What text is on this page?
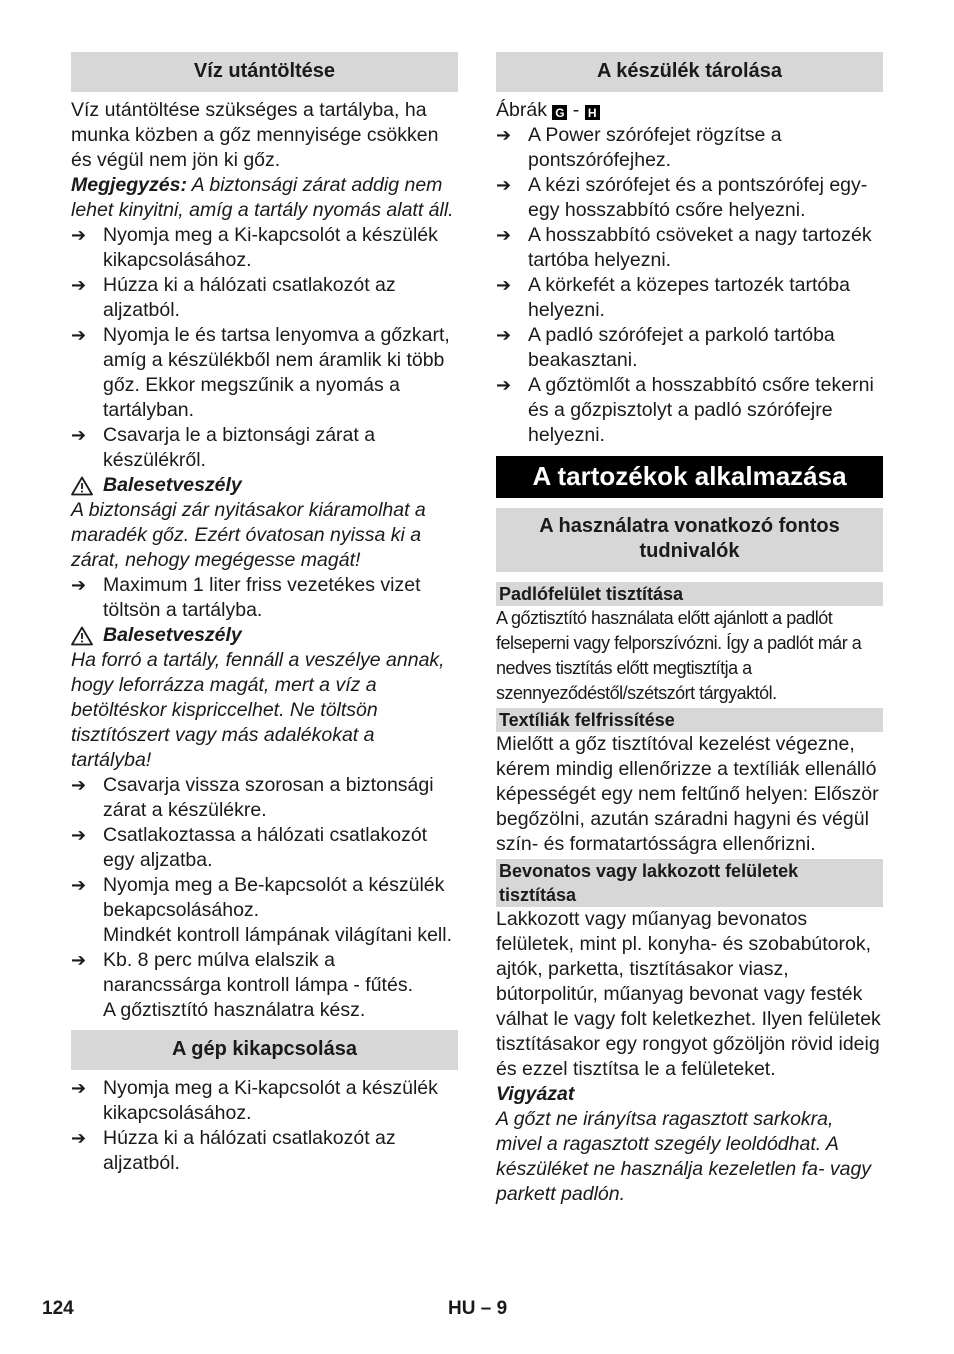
Víz utántöltése

Víz utántöltése szükséges a tartályba, ha munka közben a gőz mennyisége csökken és végül nem jön ki gőz.

Megjegyzés: A biztonsági zárat addig nem lehet kinyitni, amíg a tartály nyomás alatt áll.

➔ Nyomja meg a Ki-kapcsolót a készülék kikapcsolásához.
➔ Húzza ki a hálózati csatlakozót az aljzatból.
➔ Nyomja le és tartsa lenyomva a gőzkart, amíg a készülékből nem áramlik ki több gőz. Ekkor megszűnik a nyomás a tartályban.
➔ Csavarja le a biztonsági zárat a készülékről.
Balesetveszély

A biztonsági zár nyitásakor kiáramolhat a maradék gőz. Ezért óvatosan nyissa ki a zárat, nehogy megégesse magát!

➔ Maximum 1 liter friss vezetékes vizet töltsön a tartályba.
Balesetveszély

Ha forró a tartály, fennáll a veszélye annak, hogy leforrázza magát, mert a víz a betöltéskor kispriccelhet. Ne töltsön tisztítószert vagy más adalékokat a tartályba!

➔ Csavarja vissza szorosan a biztonsági zárat a készülékre.
➔ Csatlakoztassa a hálózati csatlakozót egy aljzatba.
➔ Nyomja meg a Be-kapcsolót a készülék bekapcsolásához.

Mindkét kontroll lámpának világítani kell.

➔ Kb. 8 perc múlva elalszik a narancssárga kontroll lámpa - fűtés.

A gőztisztító használatra kész.

A gép kikapcsolása
➔ Nyomja meg a Ki-kapcsolót a készülék kikapcsolásához.
➔ Húzza ki a hálózati csatlakozót az aljzatból.
A készülék tárolása

Ábrák G - H

➔ A Power szórófejet rögzítse a pontszórófejhez.
➔ A kézi szórófejet és a pontszórófej egy-egy hosszabbító csőre helyezni.
➔ A hosszabbító csöveket a nagy tartozék tartóba helyezni.
➔ A körkefét a közepes tartozék tartóba helyezni.
➔ A padló szórófejet a parkoló tartóba beakasztani.
➔ A gőztömlőt a hosszabbító csőre tekerni és a gőzpisztolyt a padló szórófejre helyezni.
A tartozékok alkalmazása
A használatra vonatkozó fontos tudnivalók
Padlófelület tisztítása

A gőztisztító használata előtt ajánlott a padlót felseperni vagy felporszívózni. Így a padlót már a nedves tisztítás előtt megtisztítja a szennyeződéstől/szétszórt tárgyaktól.

Textíliák felfrissítése

Mielőtt a gőz tisztítóval kezelést végezne, kérem mindig ellenőrizze a textíliák ellenálló képességét egy nem feltűnő helyen: Először begőzölni, azután száradni hagyni és végül szín- és formatartósságra ellenőrizni.

Bevonatos vagy lakkozott felületek tisztítása

Lakkozott vagy műanyag bevonatos felületek, mint pl. konyha- és szobabútorok, ajtók, parketta, tisztításakor viasz, bútorpolitúr, műanyag bevonat vagy festék válhat le vagy folt keletkezhet. Ilyen felületek tisztításakor egy rongyot gőzöljön rövid ideig és ezzel tisztítsa le a felületeket.

Vigyázat

A gőzt ne irányítsa ragasztott sarkokra, mivel a ragasztott szegély leoldódhat. A készüléket ne használja kezeletlen fa- vagy parkett padlón.

124	HU – 9
